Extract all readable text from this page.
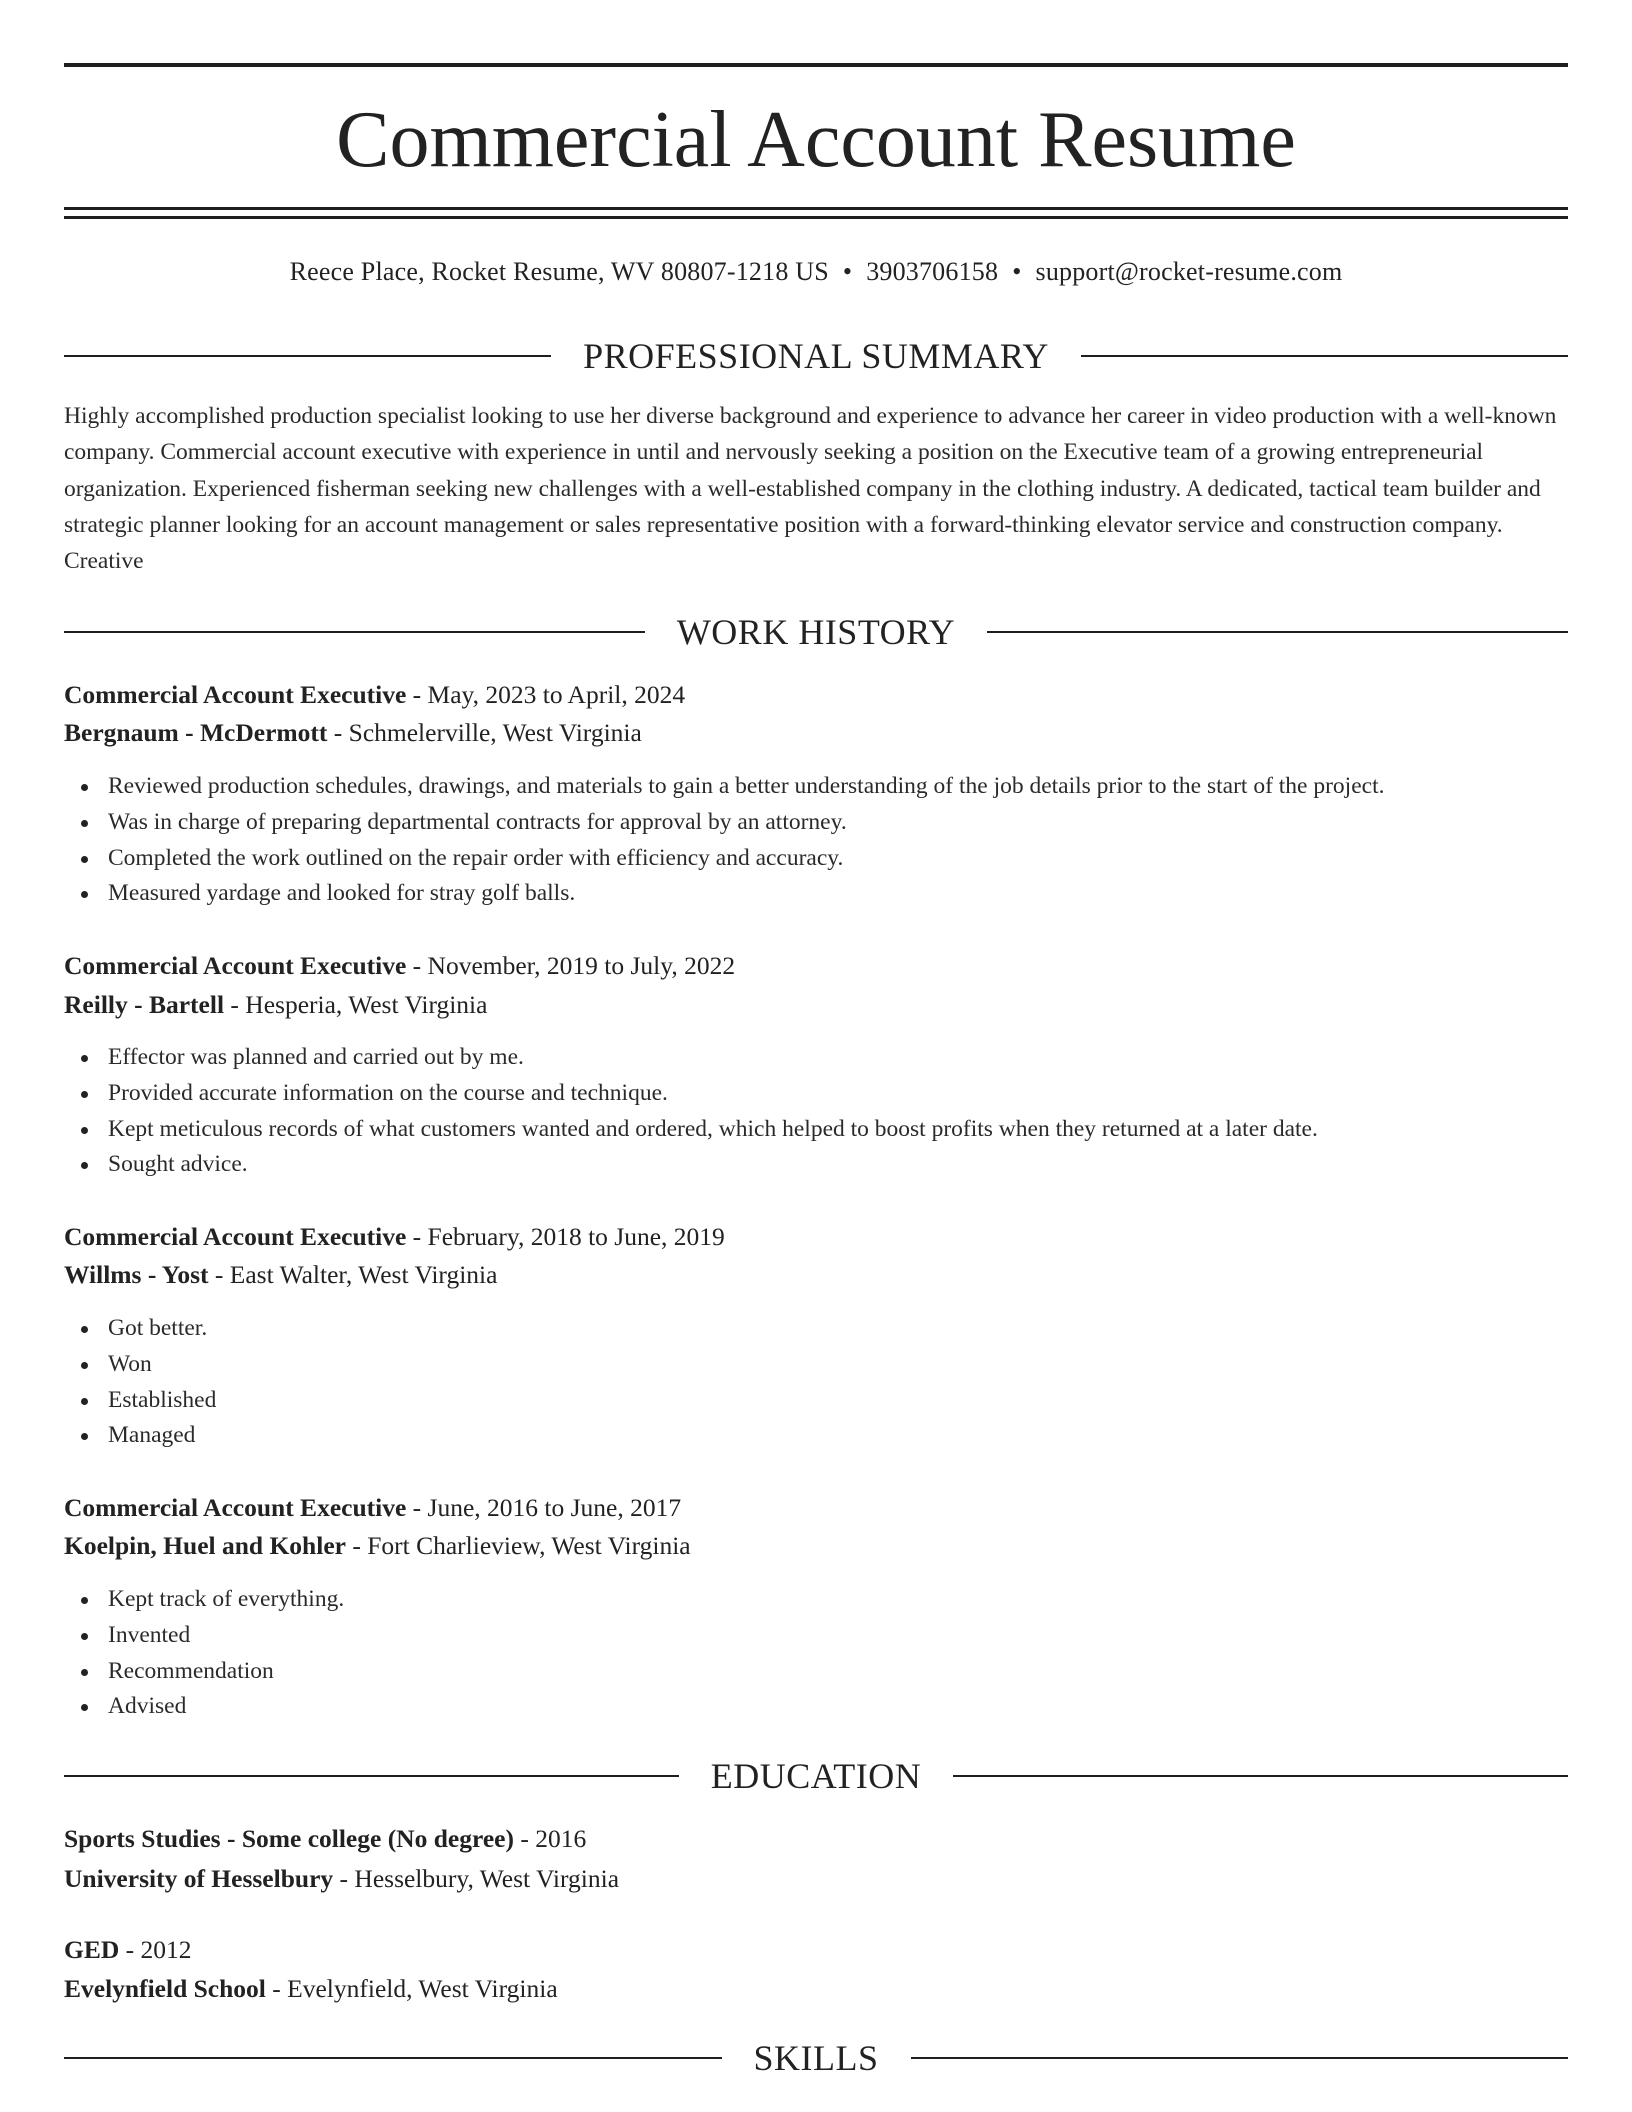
Commercial Account Resume
Reece Place, Rocket Resume, WV 80807-1218 US • 3903706158 • support@rocket-resume.com
PROFESSIONAL SUMMARY

Highly accomplished production specialist looking to use her diverse background and experience to advance her career in video production with a well-known company. Commercial account executive with experience in until and nervously seeking a position on the Executive team of a growing entrepreneurial organization. Experienced fisherman seeking new challenges with a well-established company in the clothing industry. A dedicated, tactical team builder and strategic planner looking for an account management or sales representative position with a forward-thinking elevator service and construction company. Creative

WORK HISTORY
Commercial Account Executive - May, 2023 to April, 2024
Bergnaum - McDermott - Schmelerville, West Virginia
Reviewed production schedules, drawings, and materials to gain a better understanding of the job details prior to the start of the project.
Was in charge of preparing departmental contracts for approval by an attorney.
Completed the work outlined on the repair order with efficiency and accuracy.
Measured yardage and looked for stray golf balls.
Commercial Account Executive - November, 2019 to July, 2022
Reilly - Bartell - Hesperia, West Virginia
Effector was planned and carried out by me.
Provided accurate information on the course and technique.
Kept meticulous records of what customers wanted and ordered, which helped to boost profits when they returned at a later date.
Sought advice.
Commercial Account Executive - February, 2018 to June, 2019
Willms - Yost - East Walter, West Virginia
Got better.
Won
Established
Managed
Commercial Account Executive - June, 2016 to June, 2017
Koelpin, Huel and Kohler - Fort Charlieview, West Virginia
Kept track of everything.
Invented
Recommendation
Advised
EDUCATION
Sports Studies - Some college (No degree) - 2016
University of Hesselbury - Hesselbury, West Virginia
GED - 2012
Evelynfield School - Evelynfield, West Virginia
SKILLS
